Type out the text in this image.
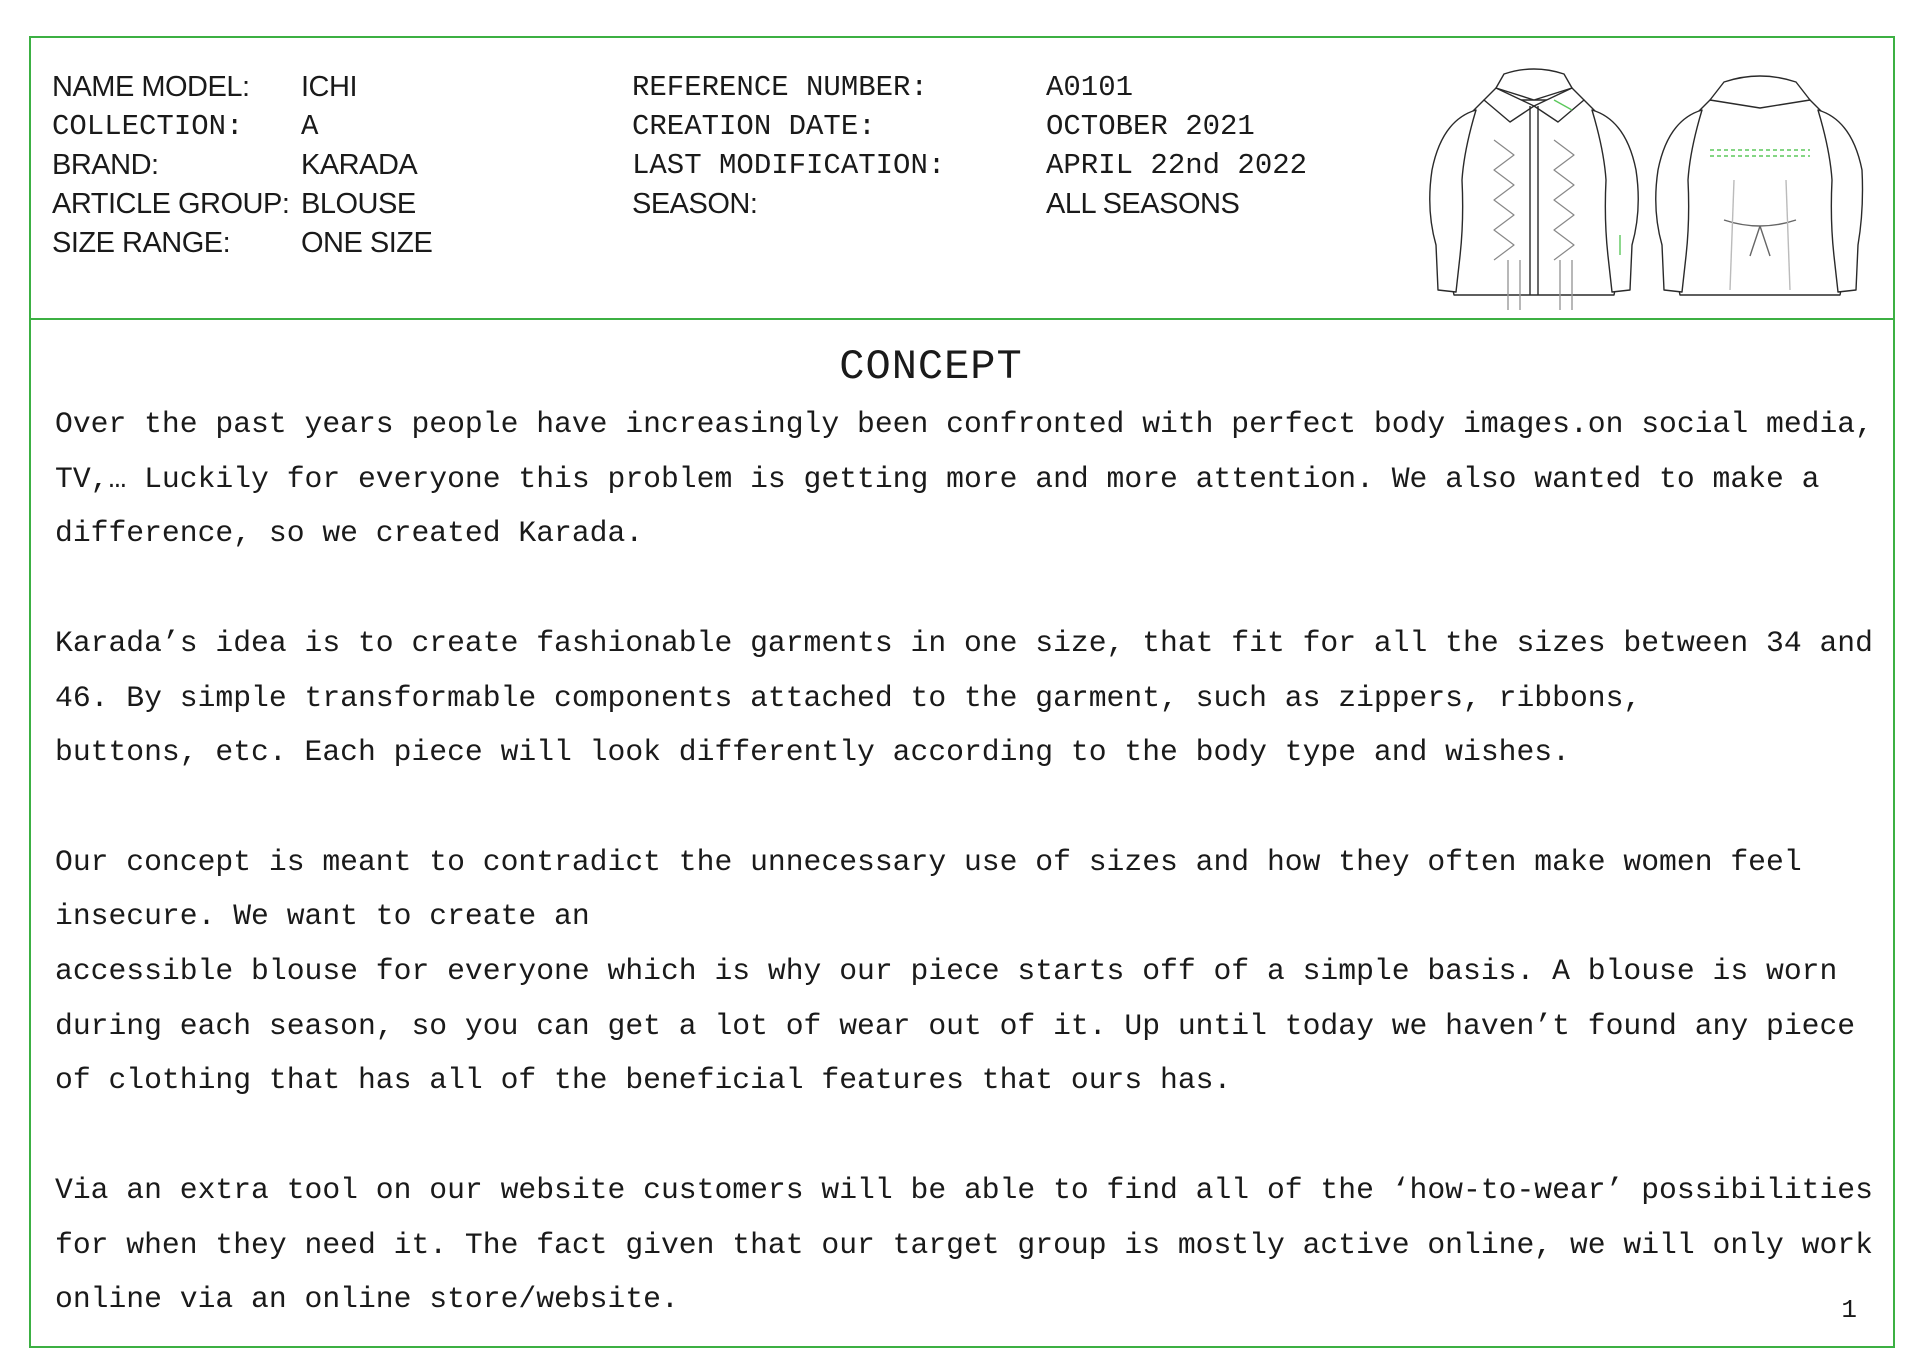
NAME MODEL:	ICHI
COLLECTION:	A
BRAND:	KARADA
ARTICLE GROUP: BLOUSE
SIZE RANGE:	ONE SIZE
REFERENCE NUMBER:	A0101
CREATION DATE:	OCTOBER 2021
LAST MODIFICATION:	APRIL 22nd 2022
SEASON:	ALL SEASONS
CONCEPT

Over the past years people have increasingly been confronted with perfect body images.on social media, TV,… Luckily for everyone this problem is getting more and more attention. We also wanted to make a difference, so we created Karada.

Karada’s idea is to create fashionable garments in one size, that fit for all the sizes between 34 and 46. By simple transformable components attached to the garment, such as zippers, ribbons,
buttons, etc. Each piece will look differently according to the body type and wishes.

Our concept is meant to contradict the unnecessary use of sizes and how they often make women feel insecure. We want to create an
accessible blouse for everyone which is why our piece starts off of a simple basis. A blouse is worn during each season, so you can get a lot of wear out of it. Up until today we haven’t found any piece of clothing that has all of the beneficial features that ours has.

Via an extra tool on our website customers will be able to find all of the ‘how-to-wear’ possibilities for when they need it. The fact given that our target group is mostly active online, we will only work online via an online store/website.	1
